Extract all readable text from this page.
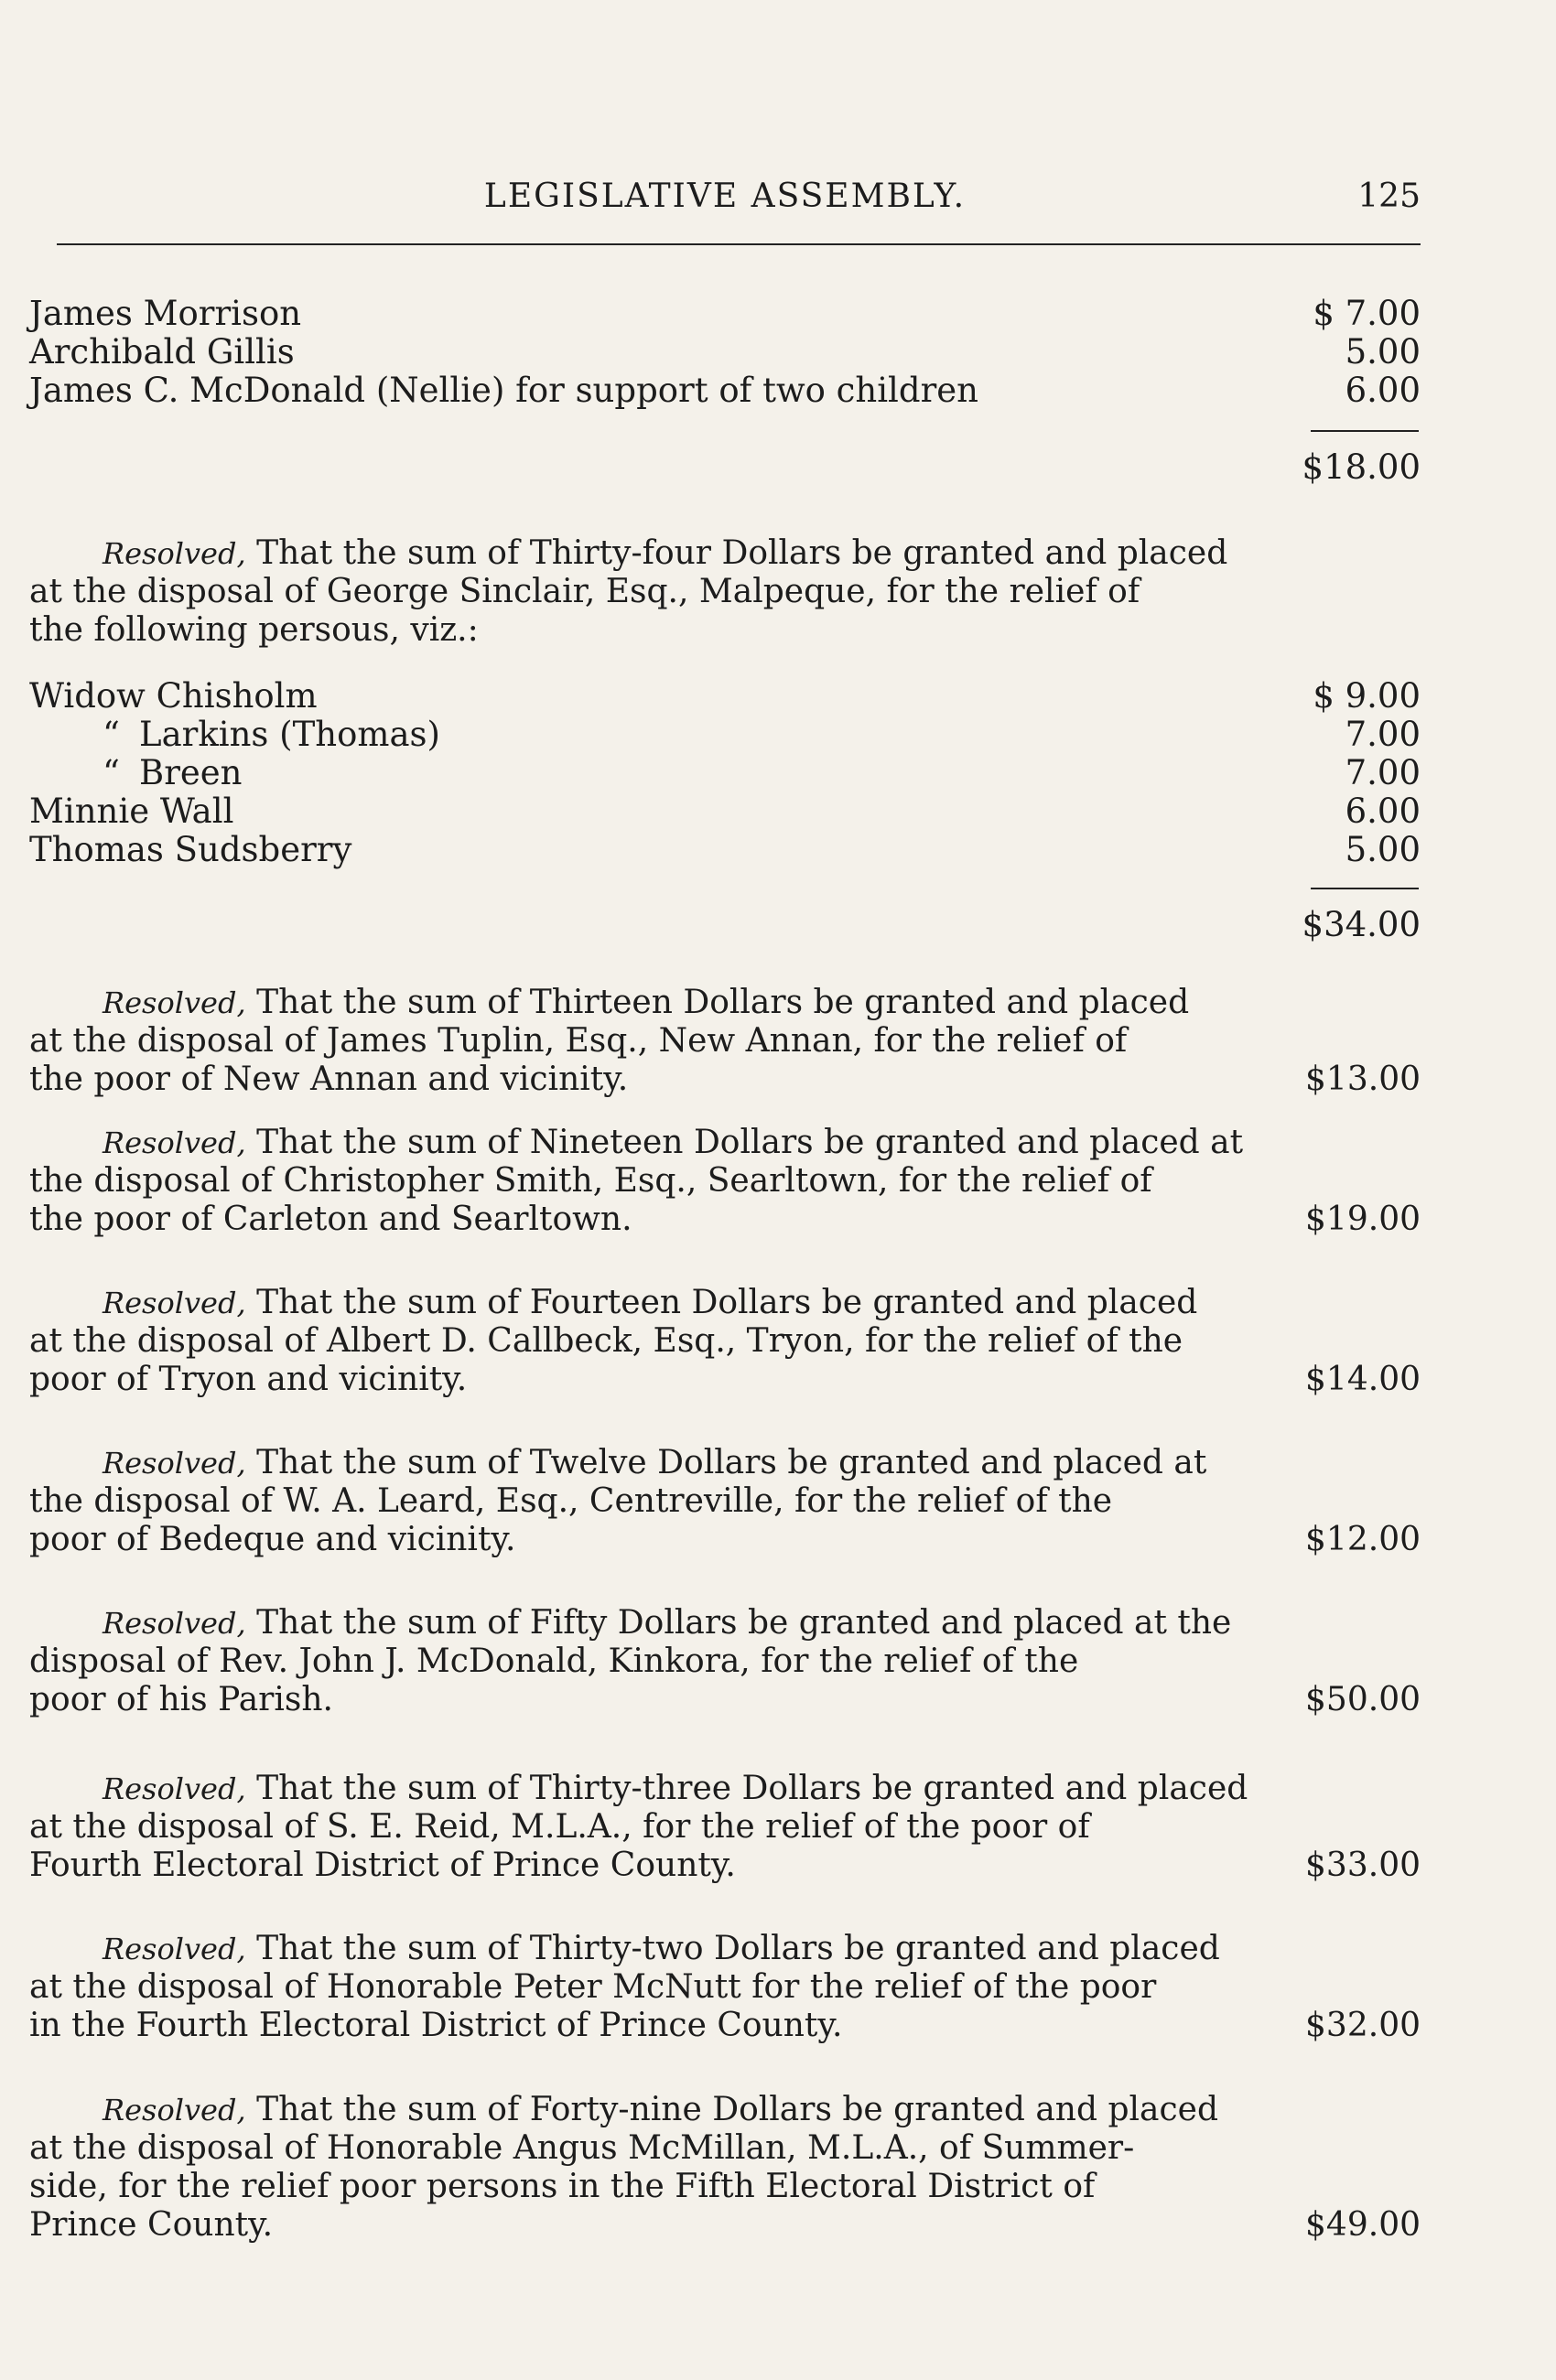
LEGISLATIVE ASSEMBLY.	125
James Morrison	$ 7.00
Archibald Gillis	5.00
James C. McDonald (Nellie) for support of two children	6.00
$18.00
Resolved, That the sum of Thirty-four Dollars be granted and placed
at the disposal of George Sinclair, Esq., Malpeque, for the relief of
the following persous, viz.:
Widow Chisholm	$ 9.00
“ Larkins (Thomas)	7.00
“ Breen	7.00
Minnie Wall	6.00
Thomas Sudsberry	5.00
$34.00
Resolved, That the sum of Thirteen Dollars be granted and placed
at the disposal of James Tuplin, Esq., New Annan, for the relief of
the poor of New Annan and vicinity.	$13.00
Resolved, That the sum of Nineteen Dollars be granted and placed at
the disposal of Christopher Smith, Esq., Searltown, for the relief of
the poor of Carleton and Searltown.	$19.00
Resolved, That the sum of Fourteen Dollars be granted and placed
at the disposal of Albert D. Callbeck, Esq., Tryon, for the relief of the
poor of Tryon and vicinity.	$14.00
Resolved, That the sum of Twelve Dollars be granted and placed at
the disposal of W. A. Leard, Esq., Centreville, for the relief of the
poor of Bedeque and vicinity.	$12.00
Resolved, That the sum of Fifty Dollars be granted and placed at the
disposal of Rev. John J. McDonald, Kinkora, for the relief of the
poor of his Parish.	$50.00
Resolved, That the sum of Thirty-three Dollars be granted and placed
at the disposal of S. E. Reid, M.L.A., for the relief of the poor of
Fourth Electoral District of Prince County.	$33.00
Resolved, That the sum of Thirty-two Dollars be granted and placed
at the disposal of Honorable Peter McNutt for the relief of the poor
in the Fourth Electoral District of Prince County.	$32.00
Resolved, That the sum of Forty-nine Dollars be granted and placed
at the disposal of Honorable Angus McMillan, M.L.A., of Summer-
side, for the relief poor persons in the Fifth Electoral District of
Prince County.	$49.00
